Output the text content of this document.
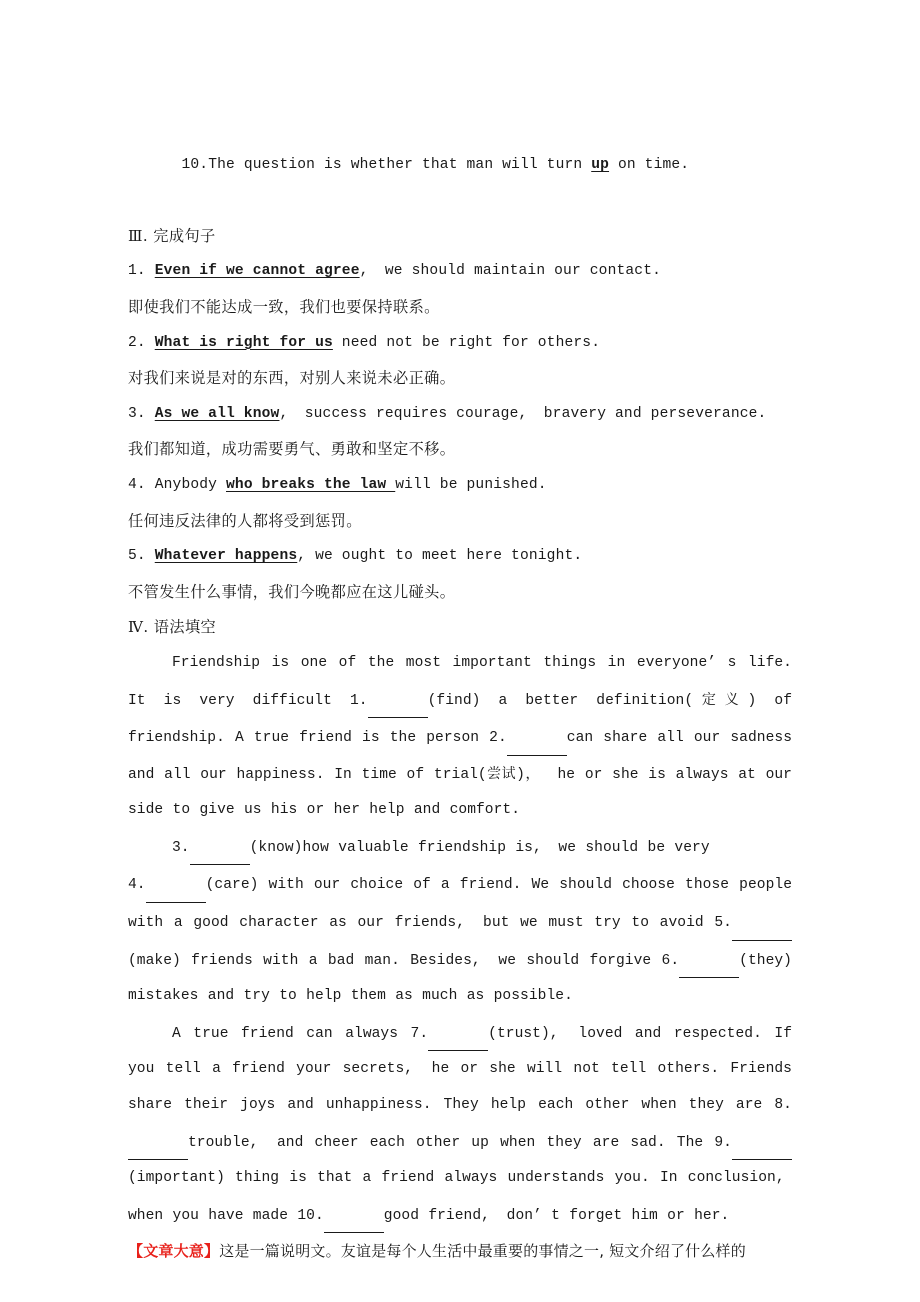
10.The question is whether that man will turn up on time.

Ⅲ. 完成句子
1. Even if we cannot agree,  we should maintain our contact.
即使我们不能达成一致，我们也要保持联系。
2. What is right for us need not be right for others.
对我们来说是对的东西，对别人来说未必正确。
3. As we all know,  success requires courage,  bravery and perseverance.
我们都知道，成功需要勇气、勇敢和坚定不移。
4. Anybody who breaks the law will be punished.
任何违反法律的人都将受到惩罚。
5. Whatever happens, we ought to meet here tonight.
不管发生什么事情，我们今晚都应在这儿碰头。
Ⅳ. 语法填空
Friendship is one of the most important things in everyone’ s life. It is very difficult 1.	(find) a better definition(定义) of friendship. A true friend is the person 2.	can share all our sadness and all our happiness. In time of trial(尝试)，  he or she is always at our side to give us his or her help and comfort.
3.	(know)how valuable friendship is,  we should be very
4.	(care) with our choice of a friend. We should choose those people with a good character as our friends,  but we must try to avoid 5. (make) friends with a bad man. Besides,  we should forgive 6.	(they) mistakes and try to help them as much as possible.
A true friend can always 7.	(trust),  loved and respected. If you tell a friend your secrets,  he or she will not tell others. Friends share their joys and unhappiness. They help each other when they are 8. trouble,  and cheer each other up when they are sad. The 9. (important) thing is that a friend always understands you. In conclusion,  when you have made 10.	good friend,  don’ t forget him or her.
【文章大意】这是一篇说明文。友谊是每个人生活中最重要的事情之一, 短文介绍了什么样的
